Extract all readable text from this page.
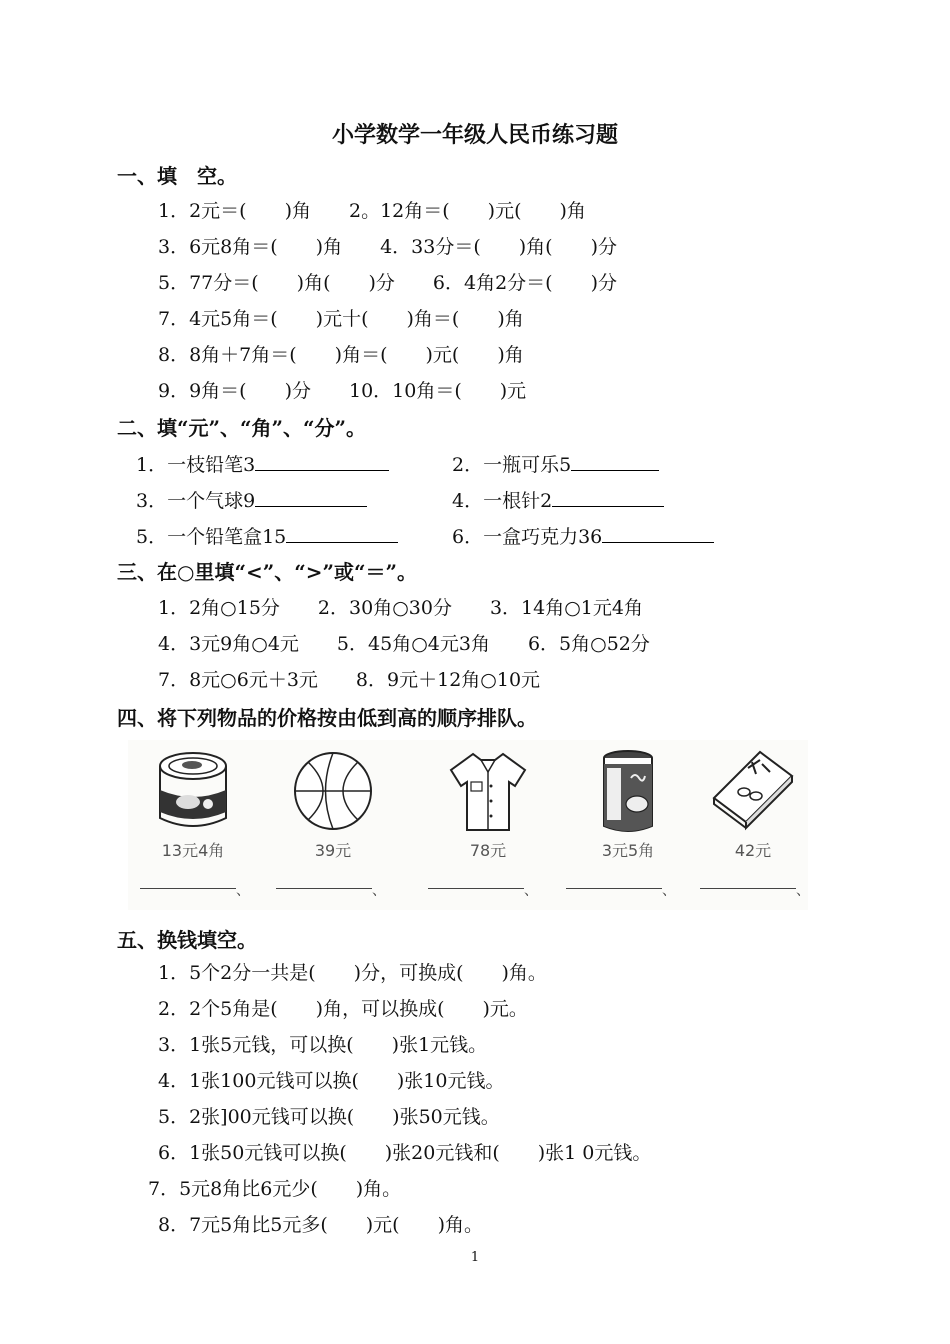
小学数学一年级人民币练习题
一、填　空。
1．2元＝(　　)角　　2。12角＝(　　)元(　　)角
3．6元8角＝(　　)角　　4．33分＝(　　)角(　　)分
5．77分＝(　　)角(　　)分　　6．4角2分＝(　　)分
7．4元5角＝(　　)元十(　　)角＝(　　)角
8．8角＋7角＝(　　)角＝(　　)元(　　)角
9．9角＝(　　)分　　10．10角＝(　　)元
二、填“元”、“角”、“分”。
1．一枝铅笔3	2．一瓶可乐5
3．一个气球9	4．一根针2
5．一个铅笔盒15	6．一盒巧克力36
三、在○里填“<”、“>”或“＝”。
1．2角○15分　　2．30角○30分　　3．14角○1元4角
4．3元9角○4元　　5．45角○4元3角　　6．5角○52分
7．8元○6元＋3元　　8．9元＋12角○10元
四、将下列物品的价格按由低到高的顺序排队。
13元4角	39元	78元	3元5角	42元
、	、	、	、	、
五、换钱填空。
1．5个2分一共是(　　)分，可换成(　　)角。
2．2个5角是(　　)角，可以换成(　　)元。
3．1张5元钱，可以换(　　)张1元钱。
4．1张100元钱可以换(　　)张10元钱。
5．2张]00元钱可以换(　　)张50元钱。
6．1张50元钱可以换(　　)张20元钱和(　　)张1 0元钱。
7．5元8角比6元少(　　)角。
8．7元5角比5元多(　　)元(　　)角。
1
